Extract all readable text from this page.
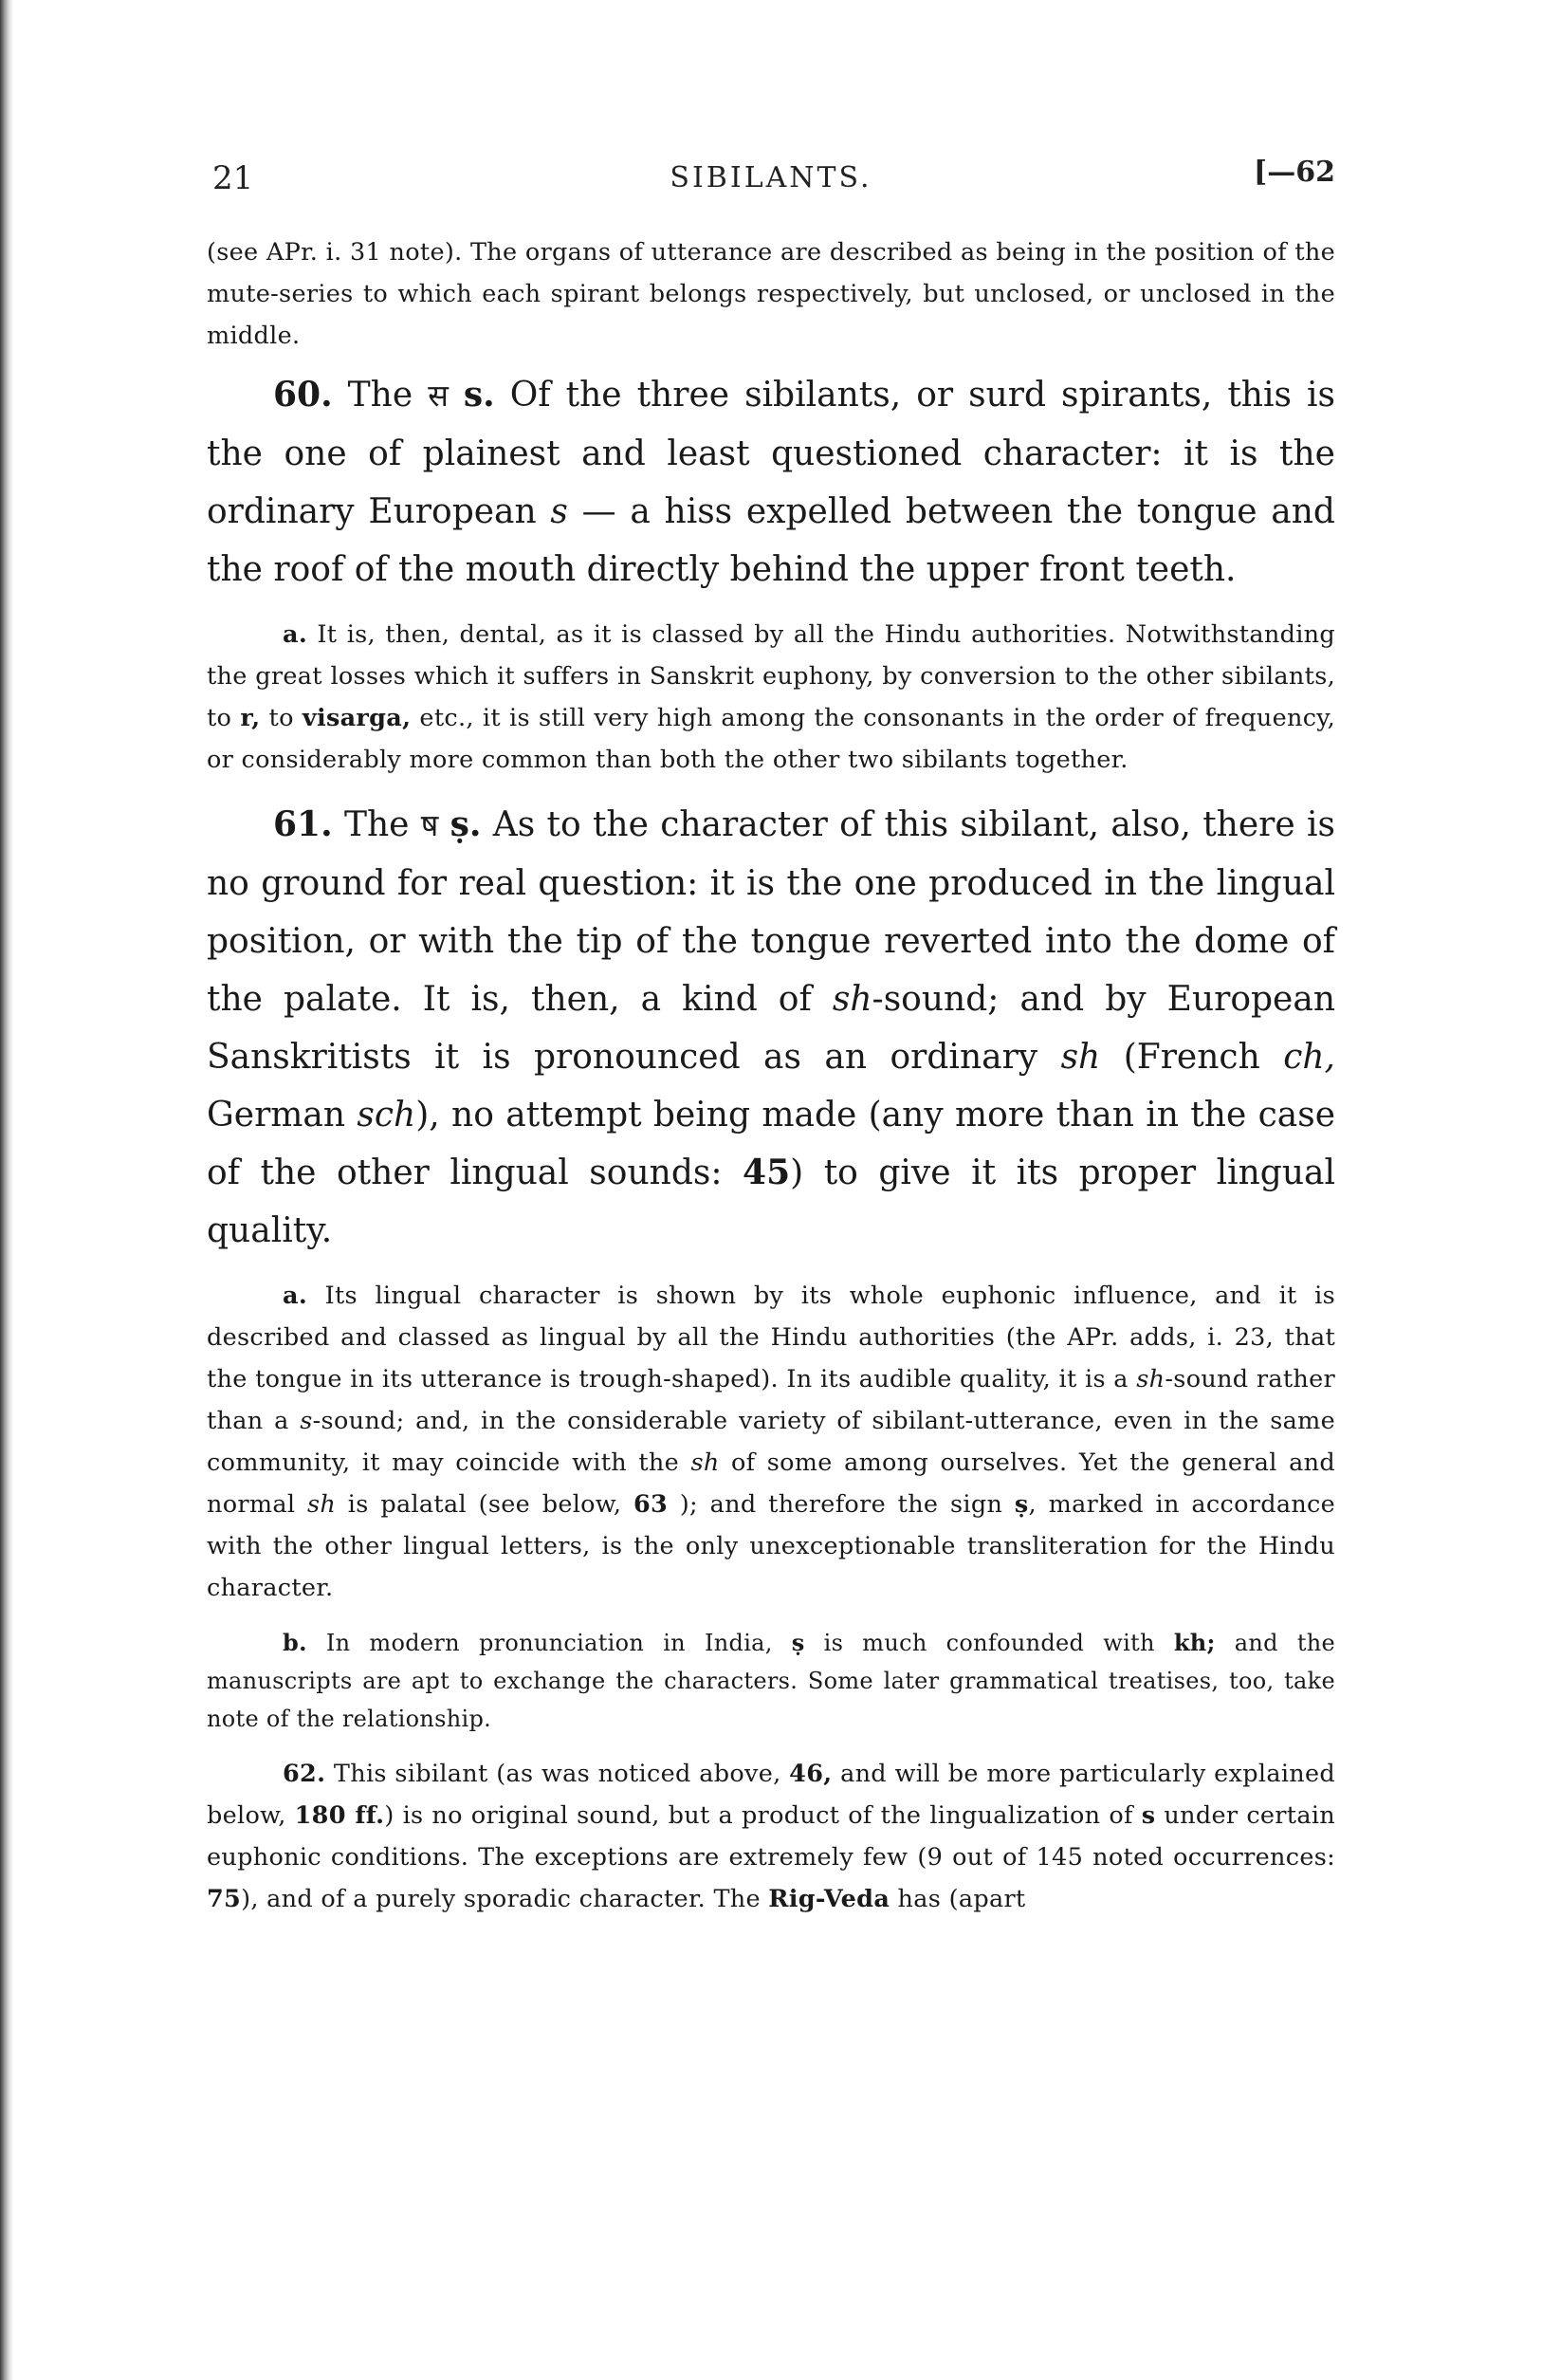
21	SIBILANTS.	[—62

(see APr. i. 31 note). The organs of utterance are described as being in the position of the mute-series to which each spirant belongs respectively, but unclosed, or unclosed in the middle.

60. The स s. Of the three sibilants, or surd spirants, this is the one of plainest and least questioned character: it is the ordinary European s — a hiss expelled between the tongue and the roof of the mouth directly behind the upper front teeth.

a. It is, then, dental, as it is classed by all the Hindu authorities. Notwithstanding the great losses which it suffers in Sanskrit euphony, by conversion to the other sibilants, to r, to visarga, etc., it is still very high among the consonants in the order of frequency, or considerably more common than both the other two sibilants together.

61. The ष ṣ. As to the character of this sibilant, also, there is no ground for real question: it is the one produced in the lingual position, or with the tip of the tongue reverted into the dome of the palate. It is, then, a kind of sh-sound; and by European Sanskritists it is pronounced as an ordinary sh (French ch, German sch), no attempt being made (any more than in the case of the other lingual sounds: 45) to give it its proper lingual quality.

a. Its lingual character is shown by its whole euphonic influence, and it is described and classed as lingual by all the Hindu authorities (the APr. adds, i. 23, that the tongue in its utterance is trough-shaped). In its audible quality, it is a sh-sound rather than a s-sound; and, in the considerable variety of sibilant-utterance, even in the same community, it may coincide with the sh of some among ourselves. Yet the general and normal sh is palatal (see below, 63 ); and therefore the sign ṣ, marked in accordance with the other lingual letters, is the only unexceptionable transliteration for the Hindu character.

b. In modern pronunciation in India, ṣ is much confounded with kh; and the manuscripts are apt to exchange the characters. Some later grammatical treatises, too, take note of the relationship.

62. This sibilant (as was noticed above, 46, and will be more particularly explained below, 180 ff.) is no original sound, but a product of the lingualization of s under certain euphonic conditions. The exceptions are extremely few (9 out of 145 noted occurrences: 75), and of a purely sporadic character. The Rig-Veda has (apart
